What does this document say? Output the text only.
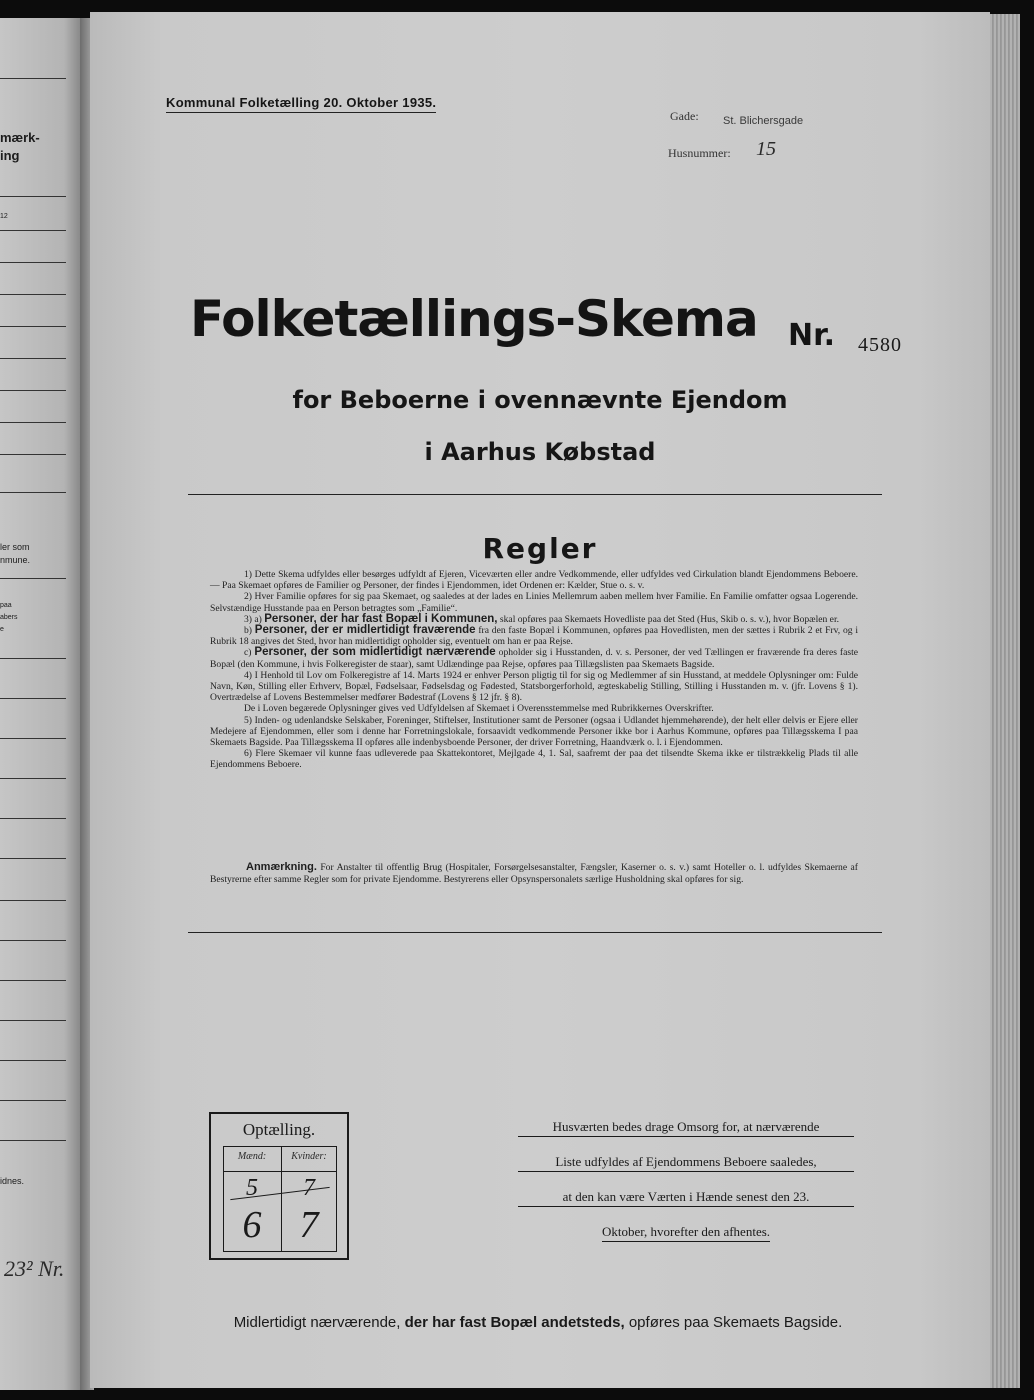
mærk-
ing
12
ler som
nmune.
paa
abers
e
idnes.
23² Nr.
Kommunal Folketælling 20. Oktober 1935.
Gade: St. Blichersgade
Husnummer: 15
Folketællings-Skema Nr. 4580
for Beboerne i ovennævnte Ejendom
i Aarhus Købstad
Regler

1) Dette Skema udfyldes eller besørges udfyldt af Ejeren, Viceværten eller andre Vedkommende, eller udfyldes ved Cirkulation blandt Ejendommens Beboere. — Paa Skemaet opføres de Familier og Personer, der findes i Ejendommen, idet Ordenen er: Kælder, Stue o. s. v.

2) Hver Familie opføres for sig paa Skemaet, og saaledes at der lades en Linies Mellemrum aaben mellem hver Familie. En Familie omfatter ogsaa Logerende. Selvstændige Husstande paa en Person betragtes som „Familie“.

3) a) Personer, der har fast Bopæl i Kommunen, skal opføres paa Skemaets Hovedliste paa det Sted (Hus, Skib o. s. v.), hvor Bopælen er.

b) Personer, der er midlertidigt fraværende fra den faste Bopæl i Kommunen, opføres paa Hovedlisten, men der sættes i Rubrik 2 et Frv, og i Rubrik 18 angives det Sted, hvor han midlertidigt opholder sig, eventuelt om han er paa Rejse.

c) Personer, der som midlertidigt nærværende opholder sig i Husstanden, d. v. s. Personer, der ved Tællingen er fraværende fra deres faste Bopæl (den Kommune, i hvis Folkeregister de staar), samt Udlændinge paa Rejse, opføres paa Tillægslisten paa Skemaets Bagside.

4) I Henhold til Lov om Folkeregistre af 14. Marts 1924 er enhver Person pligtig til for sig og Medlemmer af sin Husstand, at meddele Oplysninger om: Fulde Navn, Køn, Stilling eller Erhverv, Bopæl, Fødselsaar, Fødselsdag og Fødested, Statsborgerforhold, ægteskabelig Stilling, Stilling i Husstanden m. v. (jfr. Lovens § 1). Overtrædelse af Lovens Bestemmelser medfører Bødestraf (Lovens § 12 jfr. § 8).

De i Loven begærede Oplysninger gives ved Udfyldelsen af Skemaet i Overensstemmelse med Rubrikkernes Overskrifter.

5) Inden- og udenlandske Selskaber, Foreninger, Stiftelser, Institutioner samt de Personer (ogsaa i Udlandet hjemmehørende), der helt eller delvis er Ejere eller Medejere af Ejendommen, eller som i denne har Forretningslokale, forsaavidt vedkommende Personer ikke bor i Aarhus Kommune, opføres paa Tillægsskema I paa Skemaets Bagside. Paa Tillægsskema II opføres alle indenbysboende Personer, der driver Forretning, Haandværk o. l. i Ejendommen.

6) Flere Skemaer vil kunne faas udleverede paa Skattekontoret, Mejlgade 4, 1. Sal, saafremt der paa det tilsendte Skema ikke er tilstrækkelig Plads til alle Ejendommens Beboere.

Anmærkning. For Anstalter til offentlig Brug (Hospitaler, Forsørgelsesanstalter, Fængsler, Kaserner o. s. v.) samt Hoteller o. l. udfyldes Skemaerne af Bestyrerne efter samme Regler som for private Ejendomme. Bestyrerens eller Opsynspersonalets særlige Husholdning skal opføres for sig.
Optælling.
Mænd:	Kvinder:
5	7
6	7
Husværten bedes drage Omsorg for, at nærværende
Liste udfyldes af Ejendommens Beboere saaledes,
at den kan være Værten i Hænde senest den 23.
Oktober, hvorefter den afhentes.
Midlertidigt nærværende, der har fast Bopæl andetsteds, opføres paa Skemaets Bagside.
